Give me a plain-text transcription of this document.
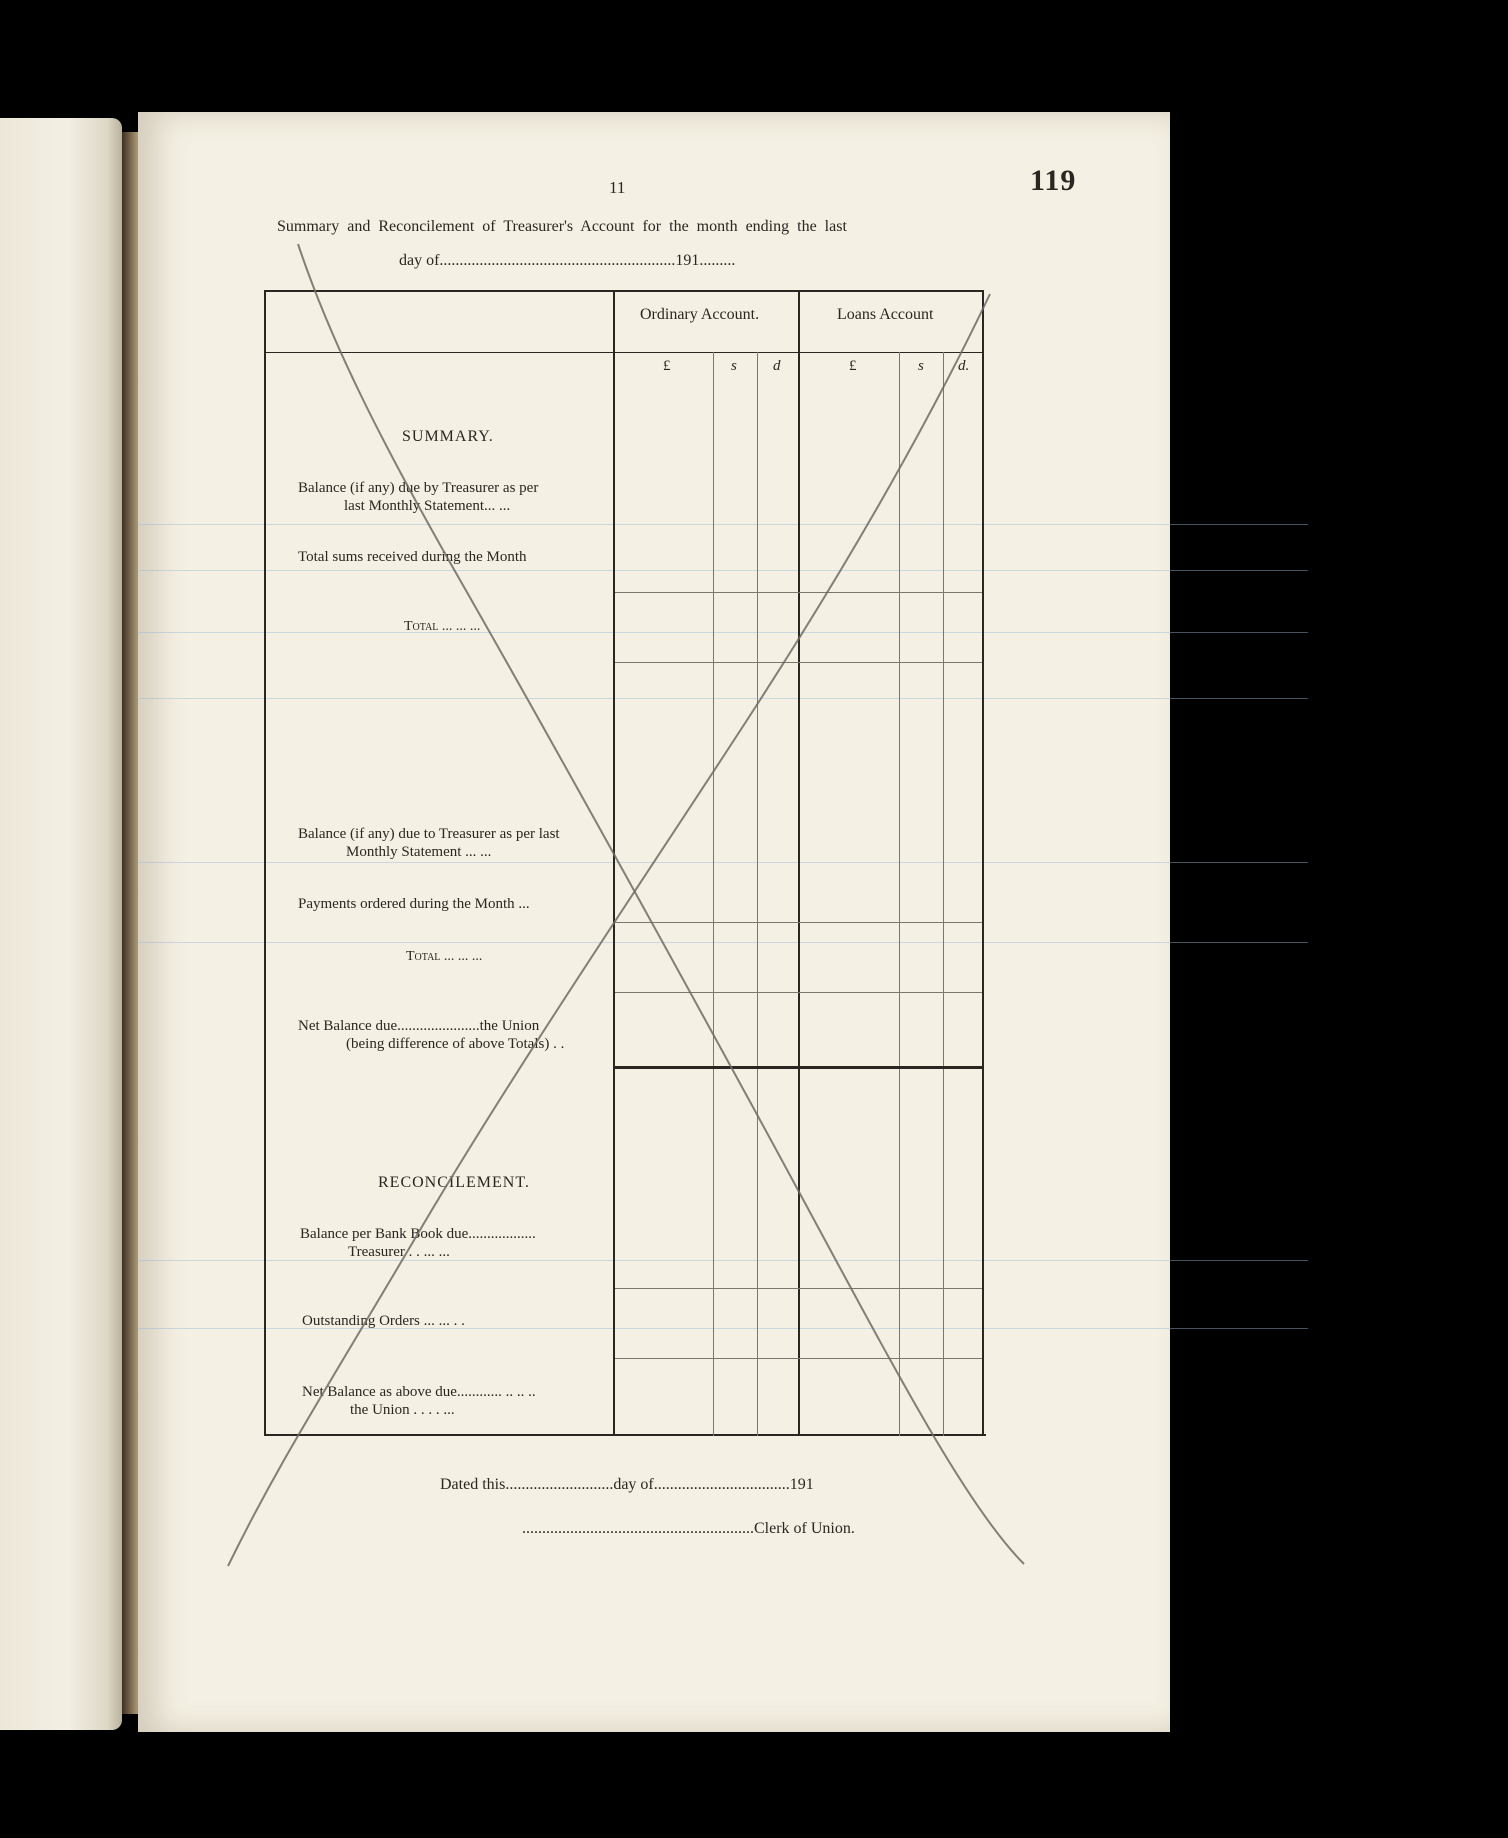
11	119
Summary and Reconcilement of Treasurer's Account for the month ending the last
day of...........................................................191.........
Ordinary Account.	Loans Account
£	s d	£	s d.
SUMMARY.
Balance (if any) due by Treasurer as per
last Monthly Statement... ...
Total sums received during the Month
Total ... ... ...
Balance (if any) due to Treasurer as per last
Monthly Statement ... ...
Payments ordered during the Month ...
Total ... ... ...
Net Balance due......................the Union
(being difference of above Totals) . .
RECONCILEMENT.
Balance per Bank Book due..................
Treasurer . . ... ...
Outstanding Orders ... ... . .
Net Balance as above due............ .. .. ..
the Union . . . . ...
Dated this...........................day of..................................191
..........................................................Clerk of Union.
